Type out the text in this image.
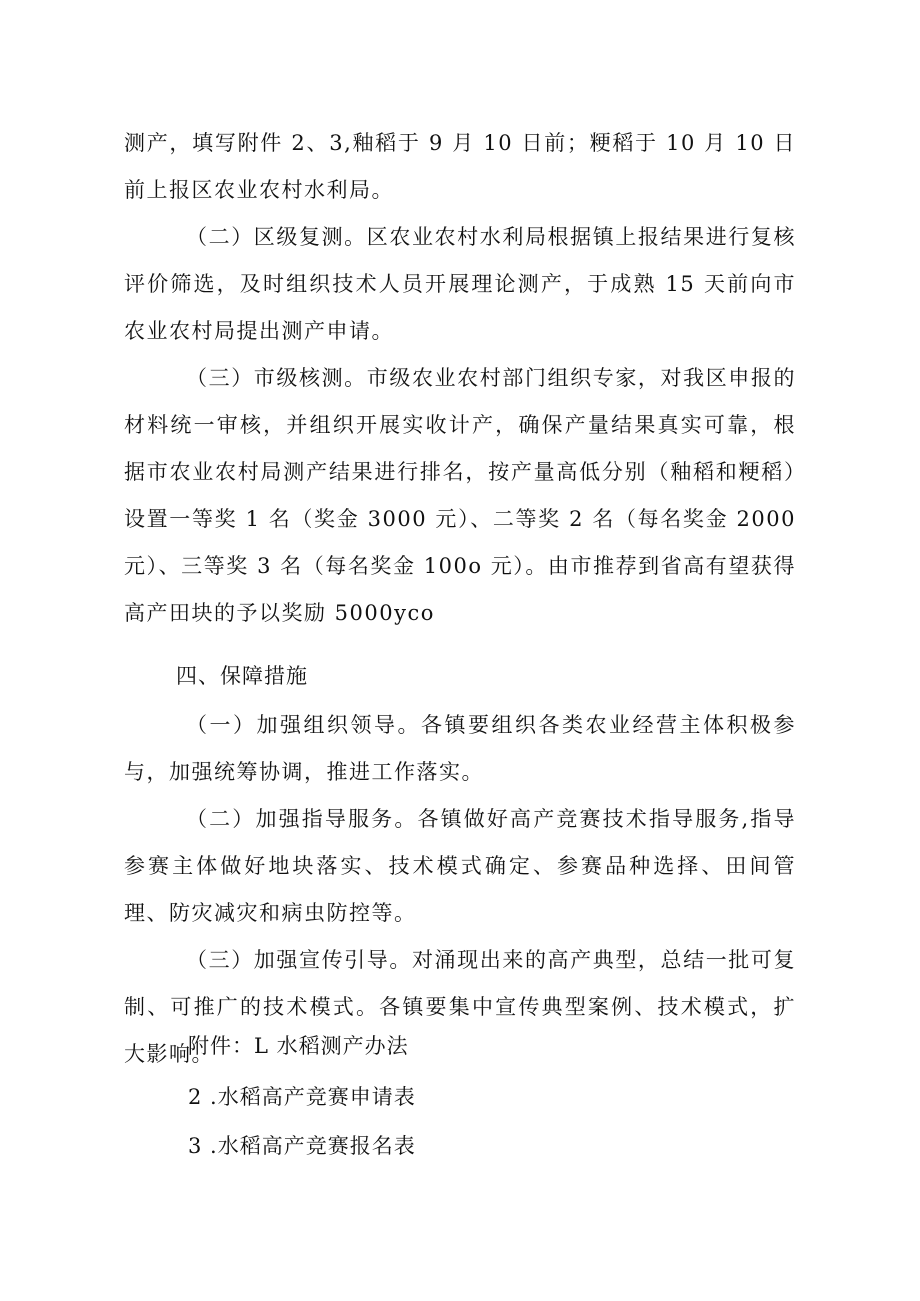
测产，填写附件 2、3,釉稻于 9 月 10 日前；粳稻于 10 月 10 日前上报区农业农村水利局。

（二）区级复测。区农业农村水利局根据镇上报结果进行复核评价筛选，及时组织技术人员开展理论测产，于成熟 15 天前向市农业农村局提出测产申请。

（三）市级核测。市级农业农村部门组织专家，对我区申报的材料统一审核，并组织开展实收计产，确保产量结果真实可靠，根据市农业农村局测产结果进行排名，按产量高低分别（釉稻和粳稻）设置一等奖 1 名（奖金 3000 元）、二等奖 2 名（每名奖金 2000 元）、三等奖 3 名（每名奖金 100o 元）。由市推荐到省高有望获得高产田块的予以奖励 5000yco

四、保障措施

（一）加强组织领导。各镇要组织各类农业经营主体积极参与，加强统筹协调，推进工作落实。

（二）加强指导服务。各镇做好高产竞赛技术指导服务,指导参赛主体做好地块落实、技术模式确定、参赛品种选择、田间管理、防灾减灾和病虫防控等。

（三）加强宣传引导。对涌现出来的高产典型，总结一批可复制、可推广的技术模式。各镇要集中宣传典型案例、技术模式，扩大影响。

附件：L 水稻测产办法

2 .水稻高产竞赛申请表

3 .水稻高产竞赛报名表
